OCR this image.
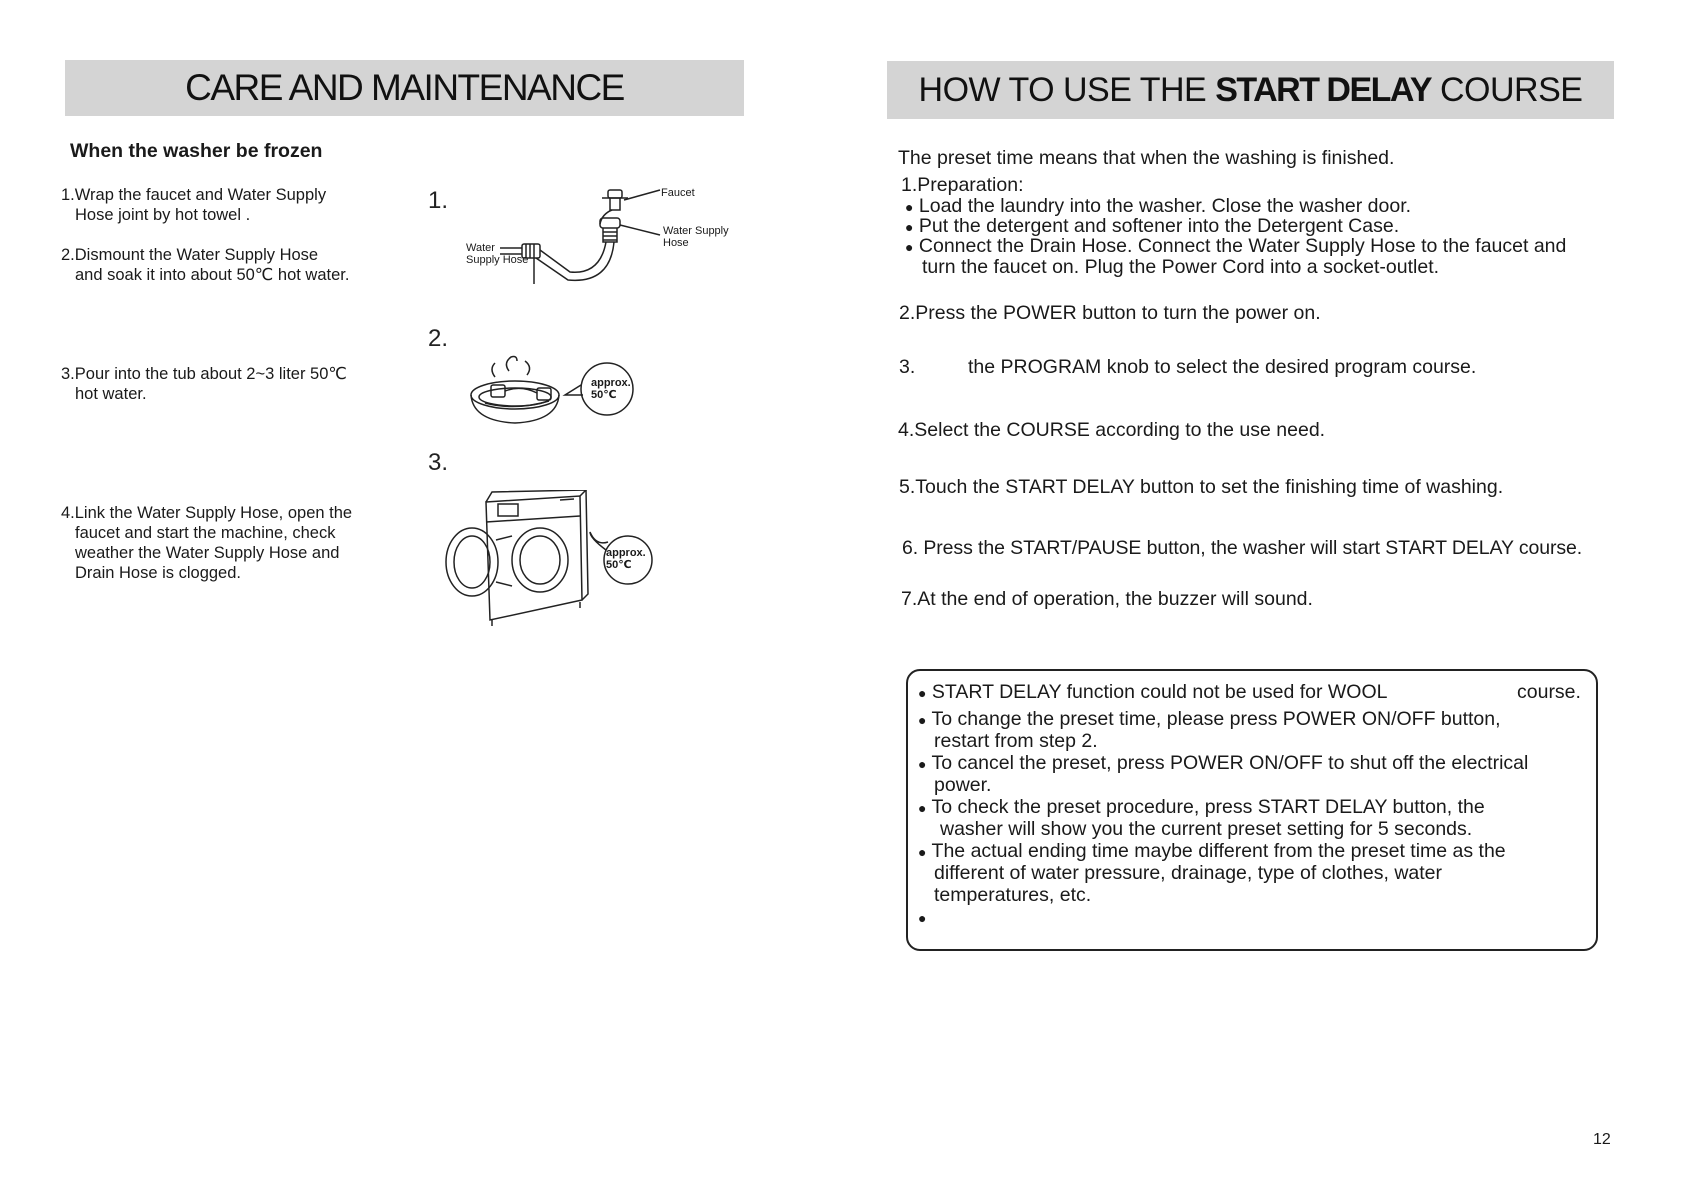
CARE AND MAINTENANCE
When the washer be frozen
1.Wrap the faucet and Water Supply
Hose joint by hot towel .
2.Dismount the Water Supply Hose
and soak it into about 50℃ hot water.
3.Pour into the tub about 2~3 liter 50℃
hot water.
4.Link the Water Supply Hose, open the
faucet and start the machine, check
weather the Water Supply Hose and
Drain Hose is clogged.
1.
2.
3.
Faucet
Water Supply
Hose
Water
Supply Hose
approx.
50℃
approx.
50℃
HOW TO USE THE START DELAY COURSE
The preset time means that when the washing is finished.
1.Preparation:
● Load the laundry into the washer. Close the washer door.
● Put the detergent and softener into the Detergent Case.
● Connect the Drain Hose. Connect the Water Supply Hose to the faucet and
turn the faucet on. Plug the Power Cord into a socket-outlet.
2.Press the POWER button to turn the power on.
3.	the PROGRAM knob to select the desired program course.
4.Select the COURSE according to the use need.
5.Touch the START DELAY button to set the finishing time of washing.
6. Press the START/PAUSE button, the washer will start START DELAY course.
7.At the end of operation, the buzzer will sound.
● START DELAY function could not be used for WOOL	course.
● To change the preset time, please press POWER ON/OFF button,
restart from step 2.
● To cancel the preset, press POWER ON/OFF to shut off the electrical
power.
● To check the preset procedure, press START DELAY button, the
washer will show you the current preset setting for 5 seconds.
● The actual ending time maybe different from the preset time as the
different of water pressure, drainage, type of clothes, water
temperatures, etc.
●
12
